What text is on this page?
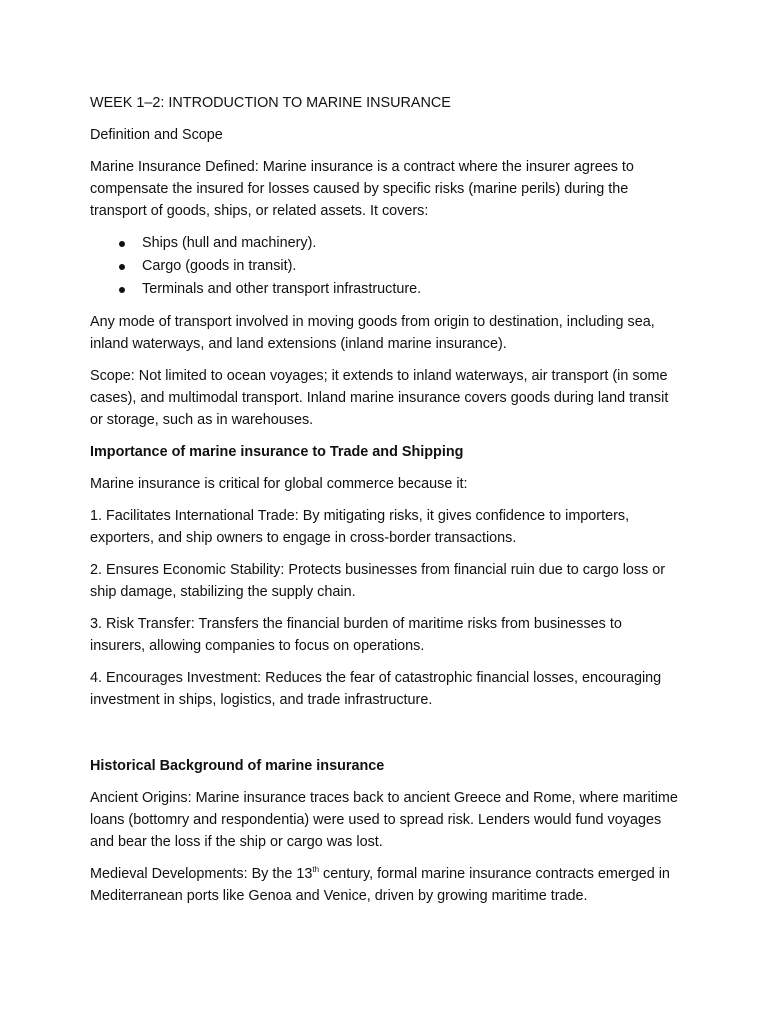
WEEK 1–2: INTRODUCTION TO MARINE INSURANCE

Definition and Scope

Marine Insurance Defined: Marine insurance is a contract where the insurer agrees to compensate the insured for losses caused by specific risks (marine perils) during the transport of goods, ships, or related assets. It covers:

Ships (hull and machinery).
Cargo (goods in transit).
Terminals and other transport infrastructure.

Any mode of transport involved in moving goods from origin to destination, including sea, inland waterways, and land extensions (inland marine insurance).

Scope: Not limited to ocean voyages; it extends to inland waterways, air transport (in some cases), and multimodal transport. Inland marine insurance covers goods during land transit or storage, such as in warehouses.

Importance of marine insurance to Trade and Shipping

Marine insurance is critical for global commerce because it:

1. Facilitates International Trade: By mitigating risks, it gives confidence to importers, exporters, and ship owners to engage in cross-border transactions.

2. Ensures Economic Stability: Protects businesses from financial ruin due to cargo loss or ship damage, stabilizing the supply chain.

3. Risk Transfer: Transfers the financial burden of maritime risks from businesses to insurers, allowing companies to focus on operations.

4. Encourages Investment: Reduces the fear of catastrophic financial losses, encouraging investment in ships, logistics, and trade infrastructure.

Historical Background of marine insurance

Ancient Origins: Marine insurance traces back to ancient Greece and Rome, where maritime loans (bottomry and respondentia) were used to spread risk. Lenders would fund voyages and bear the loss if the ship or cargo was lost.

Medieval Developments: By the 13th century, formal marine insurance contracts emerged in Mediterranean ports like Genoa and Venice, driven by growing maritime trade.
